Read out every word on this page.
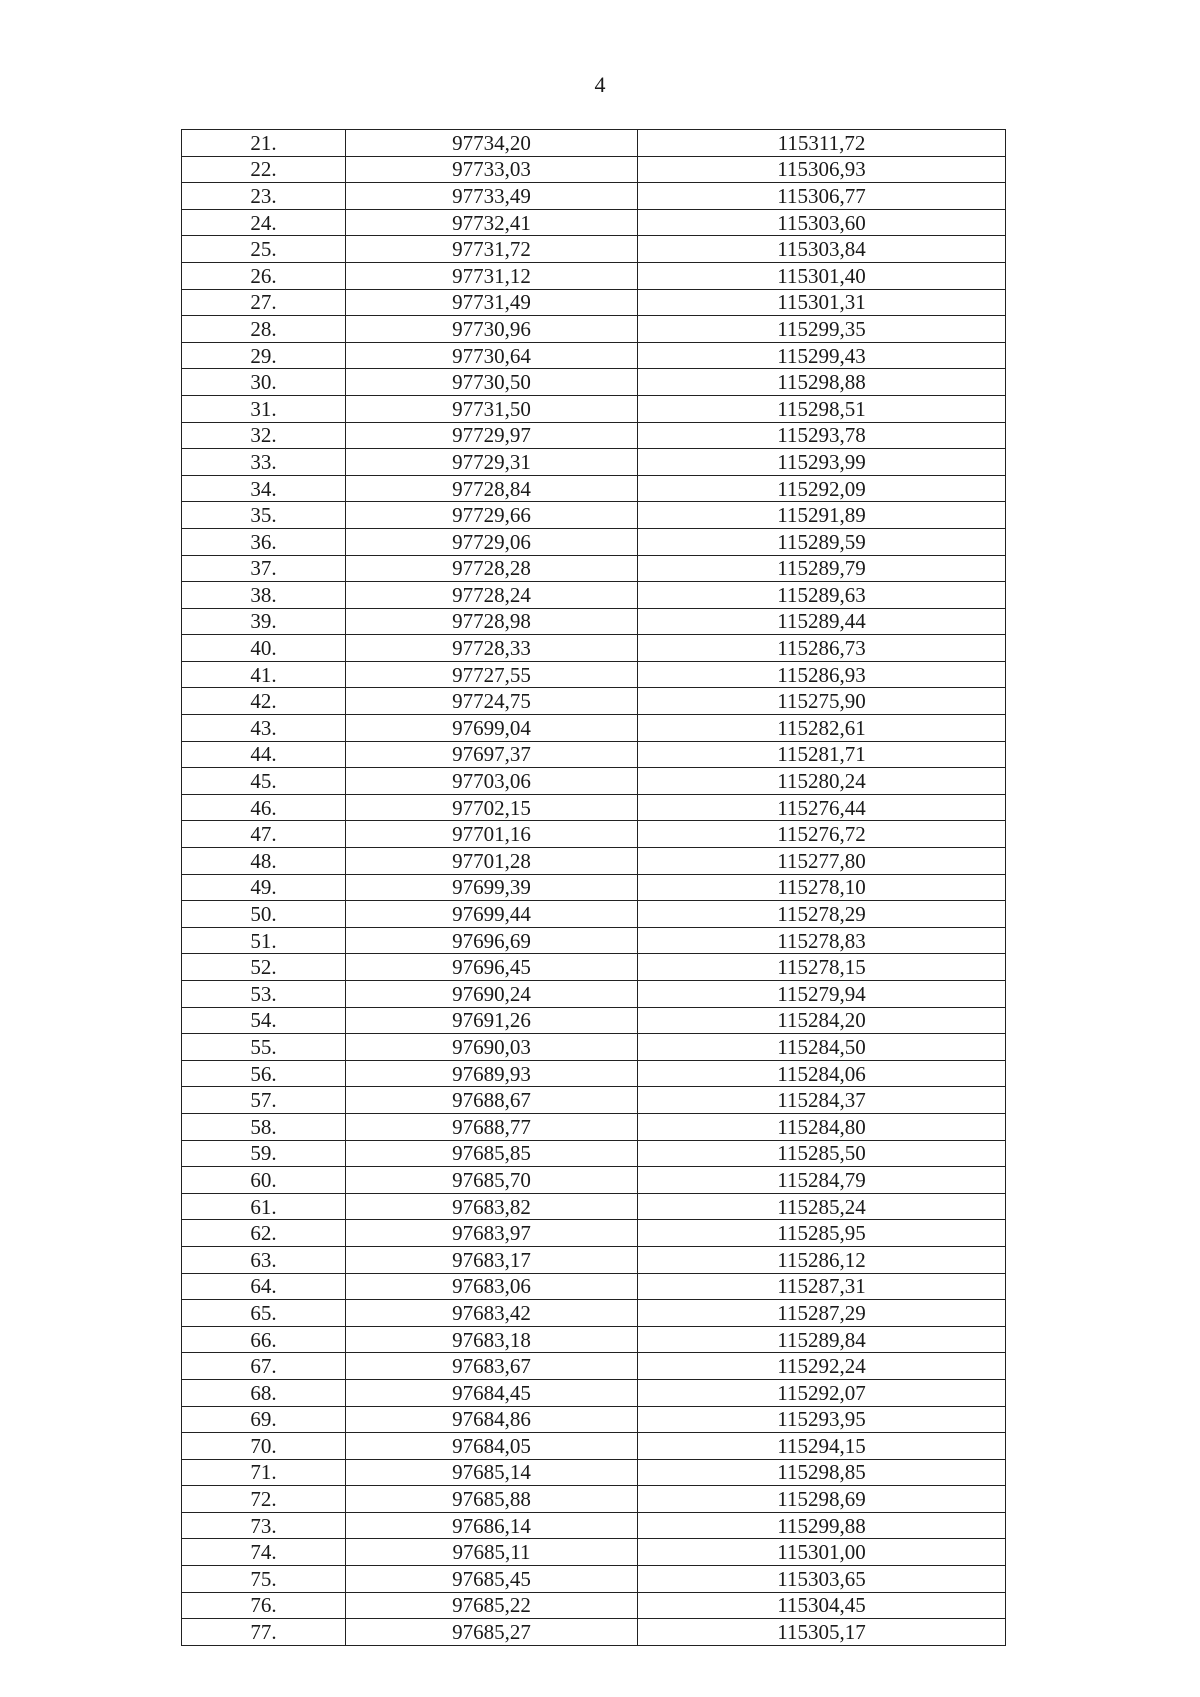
4
21.	97734,20	115311,72
22.	97733,03	115306,93
23.	97733,49	115306,77
24.	97732,41	115303,60
25.	97731,72	115303,84
26.	97731,12	115301,40
27.	97731,49	115301,31
28.	97730,96	115299,35
29.	97730,64	115299,43
30.	97730,50	115298,88
31.	97731,50	115298,51
32.	97729,97	115293,78
33.	97729,31	115293,99
34.	97728,84	115292,09
35.	97729,66	115291,89
36.	97729,06	115289,59
37.	97728,28	115289,79
38.	97728,24	115289,63
39.	97728,98	115289,44
40.	97728,33	115286,73
41.	97727,55	115286,93
42.	97724,75	115275,90
43.	97699,04	115282,61
44.	97697,37	115281,71
45.	97703,06	115280,24
46.	97702,15	115276,44
47.	97701,16	115276,72
48.	97701,28	115277,80
49.	97699,39	115278,10
50.	97699,44	115278,29
51.	97696,69	115278,83
52.	97696,45	115278,15
53.	97690,24	115279,94
54.	97691,26	115284,20
55.	97690,03	115284,50
56.	97689,93	115284,06
57.	97688,67	115284,37
58.	97688,77	115284,80
59.	97685,85	115285,50
60.	97685,70	115284,79
61.	97683,82	115285,24
62.	97683,97	115285,95
63.	97683,17	115286,12
64.	97683,06	115287,31
65.	97683,42	115287,29
66.	97683,18	115289,84
67.	97683,67	115292,24
68.	97684,45	115292,07
69.	97684,86	115293,95
70.	97684,05	115294,15
71.	97685,14	115298,85
72.	97685,88	115298,69
73.	97686,14	115299,88
74.	97685,11	115301,00
75.	97685,45	115303,65
76.	97685,22	115304,45
77.	97685,27	115305,17
